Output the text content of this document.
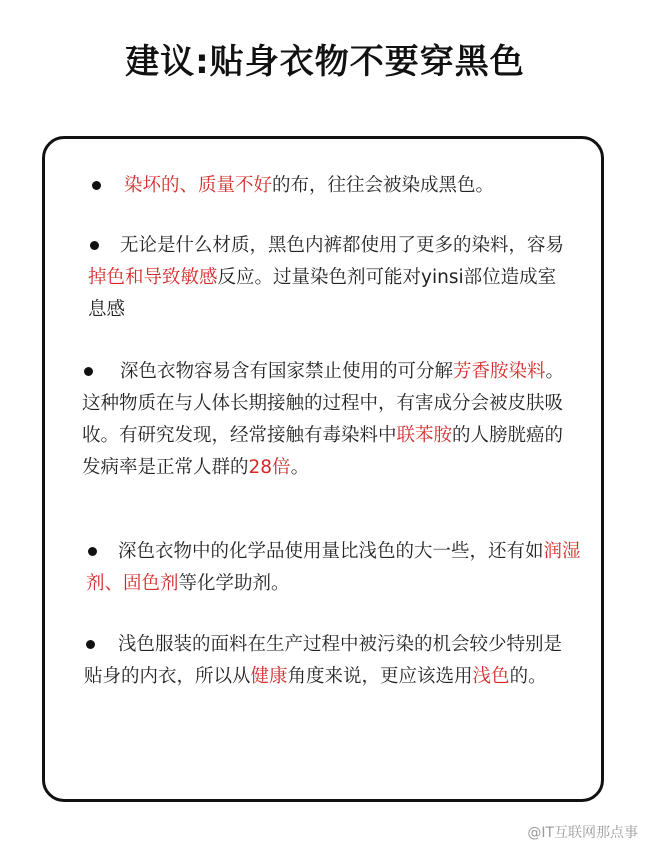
建议:贴身衣物不要穿黑色
染坏的、质量不好的布，往往会被染成黑色。
无论是什么材质，黑色内裤都使用了更多的染料，容易掉色和导致敏感反应。过量染色剂可能对yinsi部位造成室息感
深色衣物容易含有国家禁止使用的可分解芳香胺染料。这种物质在与人体长期接触的过程中，有害成分会被皮肤吸收。有研究发现，经常接触有毒染料中联苯胺的人膀胱癌的发病率是正常人群的28倍。
深色衣物中的化学品使用量比浅色的大一些，还有如润湿剂、固色剂等化学助剂。
浅色服装的面料在生产过程中被污染的机会较少特别是贴身的内衣，所以从健康角度来说，更应该选用浅色的。
@IT互联网那点事
